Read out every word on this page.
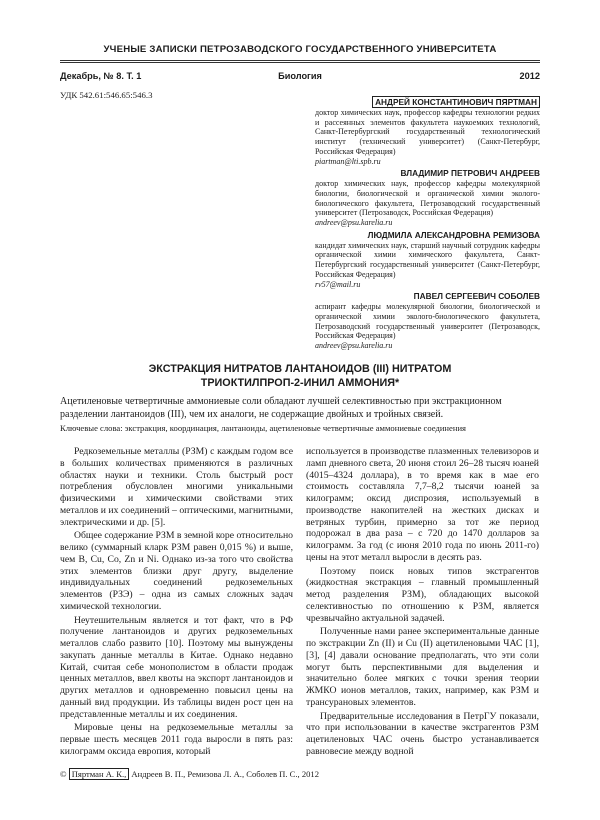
УЧЕНЫЕ ЗАПИСКИ ПЕТРОЗАВОДСКОГО ГОСУДАРСТВЕННОГО УНИВЕРСИТЕТА
Декабрь, № 8. Т. 1	Биология	2012
УДК 542.61:546.65:546.3
АНДРЕЙ КОНСТАНТИНОВИЧ ПЯРТМАН
доктор химических наук, профессор кафедры технологии редких и рассеянных элементов факультета наукоемких технологий, Санкт-Петербургский государственный технологический институт (технический университет) (Санкт-Петербург, Российская Федерация)
piartman@lti.spb.ru
ВЛАДИМИР ПЕТРОВИЧ АНДРЕЕВ
доктор химических наук, профессор кафедры молекулярной биологии, биологической и органической химии эколого-биологического факультета, Петрозаводский государственный университет (Петрозаводск, Российская Федерация)
andreev@psu.karelia.ru
ЛЮДМИЛА АЛЕКСАНДРОВНА РЕМИЗОВА
кандидат химических наук, старший научный сотрудник кафедры органической химии химического факультета, Санкт-Петербургский государственный университет (Санкт-Петербург, Российская Федерация)
rv57@mail.ru
ПАВЕЛ СЕРГЕЕВИЧ СОБОЛЕВ
аспирант кафедры молекулярной биологии, биологической и органической химии эколого-биологического факультета, Петрозаводский государственный университет (Петрозаводск, Российская Федерация)
andreev@psu.karelia.ru
ЭКСТРАКЦИЯ НИТРАТОВ ЛАНТАНОИДОВ (III) НИТРАТОМ
ТРИОКТИЛПРОП-2-ИНИЛ АММОНИЯ*
Ацетиленовые четвертичные аммониевые соли обладают лучшей селективностью при экстракционном разделении лантаноидов (III), чем их аналоги, не содержащие двойных и тройных связей.
Ключевые слова: экстракция, координация, лантаноиды, ацетиленовые четвертичные аммониевые соединения

Редкоземельные металлы (РЗМ) с каждым годом все в больших количествах применяются в различных областях науки и техники. Столь быстрый рост потребления обусловлен многими уникальными физическими и химическими свойствами этих металлов и их соединений – оптическими, магнитными, электрическими и др. [5].

Общее содержание РЗМ в земной коре относительно велико (суммарный кларк РЗМ равен 0,015 %) и выше, чем В, Cu, Co, Zn и Ni. Однако из-за того что свойства этих элементов близки друг другу, выделение индивидуальных соединений редкоземельных элементов (РЗЭ) – одна из самых сложных задач химической технологии.

Неутешительным является и тот факт, что в РФ получение лантаноидов и других редкоземельных металлов слабо развито [10]. Поэтому мы вынуждены закупать данные металлы в Китае. Однако недавно Китай, считая себе монополистом в области продаж ценных металлов, ввел квоты на экспорт лантаноидов и других металлов и одновременно повысил цены на данный вид продукции. Из таблицы виден рост цен на представленные металлы и их соединения.

Мировые цены на редкоземельные металлы за первые шесть месяцев 2011 года выросли в пять раз: килограмм оксида европия, который

используется в производстве плазменных телевизоров и ламп дневного света, 20 июня стоил 26–28 тысяч юаней (4015–4324 доллара), в то время как в мае его стоимость составляла 7,7–8,2 тысячи юаней за килограмм; оксид диспрозия, используемый в производстве накопителей на жестких дисках и ветряных турбин, примерно за тот же период подорожал в два раза – с 720 до 1470 долларов за килограмм. За год (с июня 2010 года по июнь 2011-го) цены на этот металл выросли в десять раз.

Поэтому поиск новых типов экстрагентов (жидкостная экстракция – главный промышленный метод разделения РЗМ), обладающих высокой селективностью по отношению к РЗМ, является чрезвычайно актуальной задачей.

Полученные нами ранее экспериментальные данные по экстракции Zn (II) и Cu (II) ацетиленовыми ЧАС [1], [3], [4] давали основание предполагать, что эти соли могут быть перспективными для выделения и значительно более мягких с точки зрения теории ЖМКО ионов металлов, таких, например, как РЗМ и трансурановых элементов.

Предварительные исследования в ПетрГУ показали, что при использовании в качестве экстрагентов РЗМ ацетиленовых ЧАС очень быстро устанавливается равновесие между водной

© Пяртман А. К., Андреев В. П., Ремизова Л. А., Соболев П. С., 2012
